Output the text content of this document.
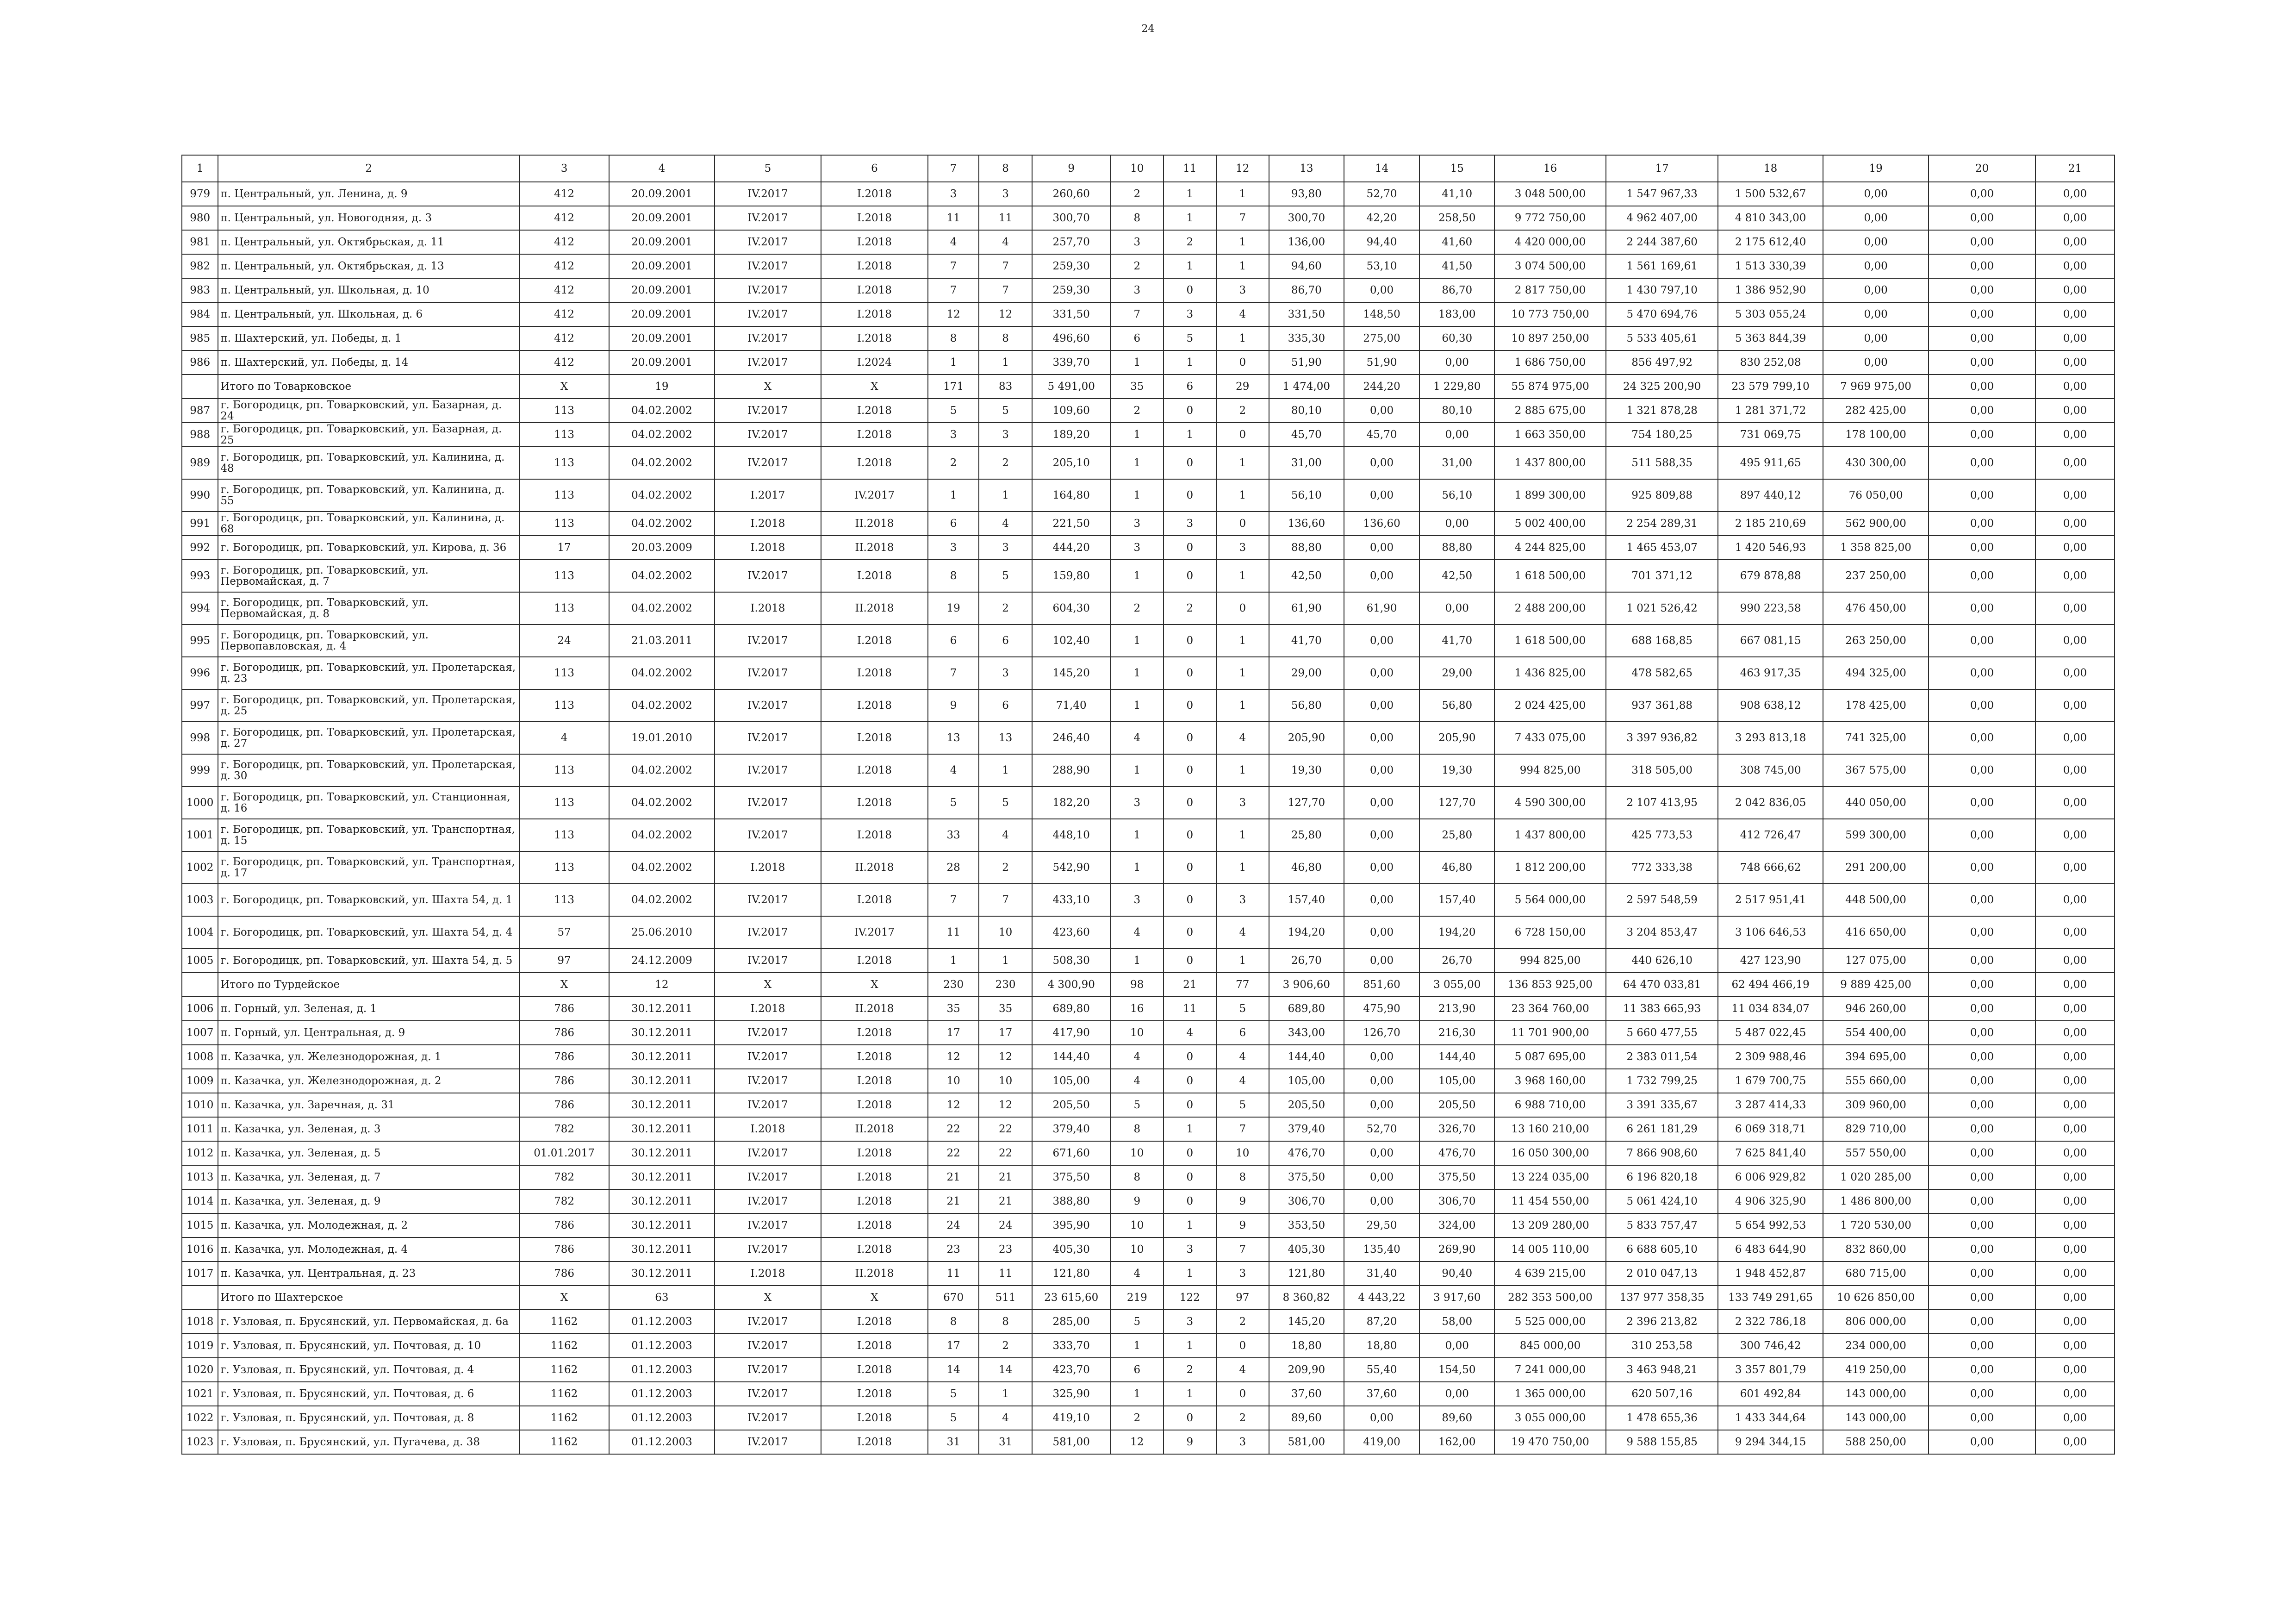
24
1	2	3	4	5	6	7	8	9	10	11	12	13	14	15	16	17	18	19	20	21
979	п. Центральный, ул. Ленина, д. 9	412	20.09.2001	IV.2017	I.2018	3	3	260,60	2	1	1	93,80	52,70	41,10	3 048 500,00	1 547 967,33	1 500 532,67	0,00	0,00	0,00
980	п. Центральный, ул. Новогодняя, д. 3	412	20.09.2001	IV.2017	I.2018	11	11	300,70	8	1	7	300,70	42,20	258,50	9 772 750,00	4 962 407,00	4 810 343,00	0,00	0,00	0,00
981	п. Центральный, ул. Октябрьская, д. 11	412	20.09.2001	IV.2017	I.2018	4	4	257,70	3	2	1	136,00	94,40	41,60	4 420 000,00	2 244 387,60	2 175 612,40	0,00	0,00	0,00
982	п. Центральный, ул. Октябрьская, д. 13	412	20.09.2001	IV.2017	I.2018	7	7	259,30	2	1	1	94,60	53,10	41,50	3 074 500,00	1 561 169,61	1 513 330,39	0,00	0,00	0,00
983	п. Центральный, ул. Школьная, д. 10	412	20.09.2001	IV.2017	I.2018	7	7	259,30	3	0	3	86,70	0,00	86,70	2 817 750,00	1 430 797,10	1 386 952,90	0,00	0,00	0,00
984	п. Центральный, ул. Школьная, д. 6	412	20.09.2001	IV.2017	I.2018	12	12	331,50	7	3	4	331,50	148,50	183,00	10 773 750,00	5 470 694,76	5 303 055,24	0,00	0,00	0,00
985	п. Шахтерский, ул. Победы, д. 1	412	20.09.2001	IV.2017	I.2018	8	8	496,60	6	5	1	335,30	275,00	60,30	10 897 250,00	5 533 405,61	5 363 844,39	0,00	0,00	0,00
986	п. Шахтерский, ул. Победы, д. 14	412	20.09.2001	IV.2017	I.2024	1	1	339,70	1	1	0	51,90	51,90	0,00	1 686 750,00	856 497,92	830 252,08	0,00	0,00	0,00
	Итого по Товарковское	X	19	X	X	171	83	5 491,00	35	6	29	1 474,00	244,20	1 229,80	55 874 975,00	24 325 200,90	23 579 799,10	7 969 975,00	0,00	0,00
987	г. Богородицк, рп. Товарковский, ул. Базарная, д. 24	113	04.02.2002	IV.2017	I.2018	5	5	109,60	2	0	2	80,10	0,00	80,10	2 885 675,00	1 321 878,28	1 281 371,72	282 425,00	0,00	0,00
988	г. Богородицк, рп. Товарковский, ул. Базарная, д. 25	113	04.02.2002	IV.2017	I.2018	3	3	189,20	1	1	0	45,70	45,70	0,00	1 663 350,00	754 180,25	731 069,75	178 100,00	0,00	0,00
989	г. Богородицк, рп. Товарковский, ул. Калинина, д. 48	113	04.02.2002	IV.2017	I.2018	2	2	205,10	1	0	1	31,00	0,00	31,00	1 437 800,00	511 588,35	495 911,65	430 300,00	0,00	0,00
990	г. Богородицк, рп. Товарковский, ул. Калинина, д. 55	113	04.02.2002	I.2017	IV.2017	1	1	164,80	1	0	1	56,10	0,00	56,10	1 899 300,00	925 809,88	897 440,12	76 050,00	0,00	0,00
991	г. Богородицк, рп. Товарковский, ул. Калинина, д. 68	113	04.02.2002	I.2018	II.2018	6	4	221,50	3	3	0	136,60	136,60	0,00	5 002 400,00	2 254 289,31	2 185 210,69	562 900,00	0,00	0,00
992	г. Богородицк, рп. Товарковский, ул. Кирова, д. 36	17	20.03.2009	I.2018	II.2018	3	3	444,20	3	0	3	88,80	0,00	88,80	4 244 825,00	1 465 453,07	1 420 546,93	1 358 825,00	0,00	0,00
993	г. Богородицк, рп. Товарковский, ул. Первомайская, д. 7	113	04.02.2002	IV.2017	I.2018	8	5	159,80	1	0	1	42,50	0,00	42,50	1 618 500,00	701 371,12	679 878,88	237 250,00	0,00	0,00
994	г. Богородицк, рп. Товарковский, ул. Первомайская, д. 8	113	04.02.2002	I.2018	II.2018	19	2	604,30	2	2	0	61,90	61,90	0,00	2 488 200,00	1 021 526,42	990 223,58	476 450,00	0,00	0,00
995	г. Богородицк, рп. Товарковский, ул. Первопавловская, д. 4	24	21.03.2011	IV.2017	I.2018	6	6	102,40	1	0	1	41,70	0,00	41,70	1 618 500,00	688 168,85	667 081,15	263 250,00	0,00	0,00
996	г. Богородицк, рп. Товарковский, ул. Пролетарская, д. 23	113	04.02.2002	IV.2017	I.2018	7	3	145,20	1	0	1	29,00	0,00	29,00	1 436 825,00	478 582,65	463 917,35	494 325,00	0,00	0,00
997	г. Богородицк, рп. Товарковский, ул. Пролетарская, д. 25	113	04.02.2002	IV.2017	I.2018	9	6	71,40	1	0	1	56,80	0,00	56,80	2 024 425,00	937 361,88	908 638,12	178 425,00	0,00	0,00
998	г. Богородицк, рп. Товарковский, ул. Пролетарская, д. 27	4	19.01.2010	IV.2017	I.2018	13	13	246,40	4	0	4	205,90	0,00	205,90	7 433 075,00	3 397 936,82	3 293 813,18	741 325,00	0,00	0,00
999	г. Богородицк, рп. Товарковский, ул. Пролетарская, д. 30	113	04.02.2002	IV.2017	I.2018	4	1	288,90	1	0	1	19,30	0,00	19,30	994 825,00	318 505,00	308 745,00	367 575,00	0,00	0,00
1000	г. Богородицк, рп. Товарковский, ул. Станционная, д. 16	113	04.02.2002	IV.2017	I.2018	5	5	182,20	3	0	3	127,70	0,00	127,70	4 590 300,00	2 107 413,95	2 042 836,05	440 050,00	0,00	0,00
1001	г. Богородицк, рп. Товарковский, ул. Транспортная, д. 15	113	04.02.2002	IV.2017	I.2018	33	4	448,10	1	0	1	25,80	0,00	25,80	1 437 800,00	425 773,53	412 726,47	599 300,00	0,00	0,00
1002	г. Богородицк, рп. Товарковский, ул. Транспортная, д. 17	113	04.02.2002	I.2018	II.2018	28	2	542,90	1	0	1	46,80	0,00	46,80	1 812 200,00	772 333,38	748 666,62	291 200,00	0,00	0,00
1003	г. Богородицк, рп. Товарковский, ул. Шахта 54, д. 1	113	04.02.2002	IV.2017	I.2018	7	7	433,10	3	0	3	157,40	0,00	157,40	5 564 000,00	2 597 548,59	2 517 951,41	448 500,00	0,00	0,00
1004	г. Богородицк, рп. Товарковский, ул. Шахта 54, д. 4	57	25.06.2010	IV.2017	IV.2017	11	10	423,60	4	0	4	194,20	0,00	194,20	6 728 150,00	3 204 853,47	3 106 646,53	416 650,00	0,00	0,00
1005	г. Богородицк, рп. Товарковский, ул. Шахта 54, д. 5	97	24.12.2009	IV.2017	I.2018	1	1	508,30	1	0	1	26,70	0,00	26,70	994 825,00	440 626,10	427 123,90	127 075,00	0,00	0,00
	Итого по Турдейское	X	12	X	X	230	230	4 300,90	98	21	77	3 906,60	851,60	3 055,00	136 853 925,00	64 470 033,81	62 494 466,19	9 889 425,00	0,00	0,00
1006	п. Горный, ул. Зеленая, д. 1	786	30.12.2011	I.2018	II.2018	35	35	689,80	16	11	5	689,80	475,90	213,90	23 364 760,00	11 383 665,93	11 034 834,07	946 260,00	0,00	0,00
1007	п. Горный, ул. Центральная, д. 9	786	30.12.2011	IV.2017	I.2018	17	17	417,90	10	4	6	343,00	126,70	216,30	11 701 900,00	5 660 477,55	5 487 022,45	554 400,00	0,00	0,00
1008	п. Казачка, ул. Железнодорожная, д. 1	786	30.12.2011	IV.2017	I.2018	12	12	144,40	4	0	4	144,40	0,00	144,40	5 087 695,00	2 383 011,54	2 309 988,46	394 695,00	0,00	0,00
1009	п. Казачка, ул. Железнодорожная, д. 2	786	30.12.2011	IV.2017	I.2018	10	10	105,00	4	0	4	105,00	0,00	105,00	3 968 160,00	1 732 799,25	1 679 700,75	555 660,00	0,00	0,00
1010	п. Казачка, ул. Заречная, д. 31	786	30.12.2011	IV.2017	I.2018	12	12	205,50	5	0	5	205,50	0,00	205,50	6 988 710,00	3 391 335,67	3 287 414,33	309 960,00	0,00	0,00
1011	п. Казачка, ул. Зеленая, д. 3	782	30.12.2011	I.2018	II.2018	22	22	379,40	8	1	7	379,40	52,70	326,70	13 160 210,00	6 261 181,29	6 069 318,71	829 710,00	0,00	0,00
1012	п. Казачка, ул. Зеленая, д. 5	01.01.2017	30.12.2011	IV.2017	I.2018	22	22	671,60	10	0	10	476,70	0,00	476,70	16 050 300,00	7 866 908,60	7 625 841,40	557 550,00	0,00	0,00
1013	п. Казачка, ул. Зеленая, д. 7	782	30.12.2011	IV.2017	I.2018	21	21	375,50	8	0	8	375,50	0,00	375,50	13 224 035,00	6 196 820,18	6 006 929,82	1 020 285,00	0,00	0,00
1014	п. Казачка, ул. Зеленая, д. 9	782	30.12.2011	IV.2017	I.2018	21	21	388,80	9	0	9	306,70	0,00	306,70	11 454 550,00	5 061 424,10	4 906 325,90	1 486 800,00	0,00	0,00
1015	п. Казачка, ул. Молодежная, д. 2	786	30.12.2011	IV.2017	I.2018	24	24	395,90	10	1	9	353,50	29,50	324,00	13 209 280,00	5 833 757,47	5 654 992,53	1 720 530,00	0,00	0,00
1016	п. Казачка, ул. Молодежная, д. 4	786	30.12.2011	IV.2017	I.2018	23	23	405,30	10	3	7	405,30	135,40	269,90	14 005 110,00	6 688 605,10	6 483 644,90	832 860,00	0,00	0,00
1017	п. Казачка, ул. Центральная, д. 23	786	30.12.2011	I.2018	II.2018	11	11	121,80	4	1	3	121,80	31,40	90,40	4 639 215,00	2 010 047,13	1 948 452,87	680 715,00	0,00	0,00
	Итого по Шахтерское	X	63	X	X	670	511	23 615,60	219	122	97	8 360,82	4 443,22	3 917,60	282 353 500,00	137 977 358,35	133 749 291,65	10 626 850,00	0,00	0,00
1018	г. Узловая, п. Брусянский, ул. Первомайская, д. 6а	1162	01.12.2003	IV.2017	I.2018	8	8	285,00	5	3	2	145,20	87,20	58,00	5 525 000,00	2 396 213,82	2 322 786,18	806 000,00	0,00	0,00
1019	г. Узловая, п. Брусянский, ул. Почтовая, д. 10	1162	01.12.2003	IV.2017	I.2018	17	2	333,70	1	1	0	18,80	18,80	0,00	845 000,00	310 253,58	300 746,42	234 000,00	0,00	0,00
1020	г. Узловая, п. Брусянский, ул. Почтовая, д. 4	1162	01.12.2003	IV.2017	I.2018	14	14	423,70	6	2	4	209,90	55,40	154,50	7 241 000,00	3 463 948,21	3 357 801,79	419 250,00	0,00	0,00
1021	г. Узловая, п. Брусянский, ул. Почтовая, д. 6	1162	01.12.2003	IV.2017	I.2018	5	1	325,90	1	1	0	37,60	37,60	0,00	1 365 000,00	620 507,16	601 492,84	143 000,00	0,00	0,00
1022	г. Узловая, п. Брусянский, ул. Почтовая, д. 8	1162	01.12.2003	IV.2017	I.2018	5	4	419,10	2	0	2	89,60	0,00	89,60	3 055 000,00	1 478 655,36	1 433 344,64	143 000,00	0,00	0,00
1023	г. Узловая, п. Брусянский, ул. Пугачева, д. 38	1162	01.12.2003	IV.2017	I.2018	31	31	581,00	12	9	3	581,00	419,00	162,00	19 470 750,00	9 588 155,85	9 294 344,15	588 250,00	0,00	0,00
